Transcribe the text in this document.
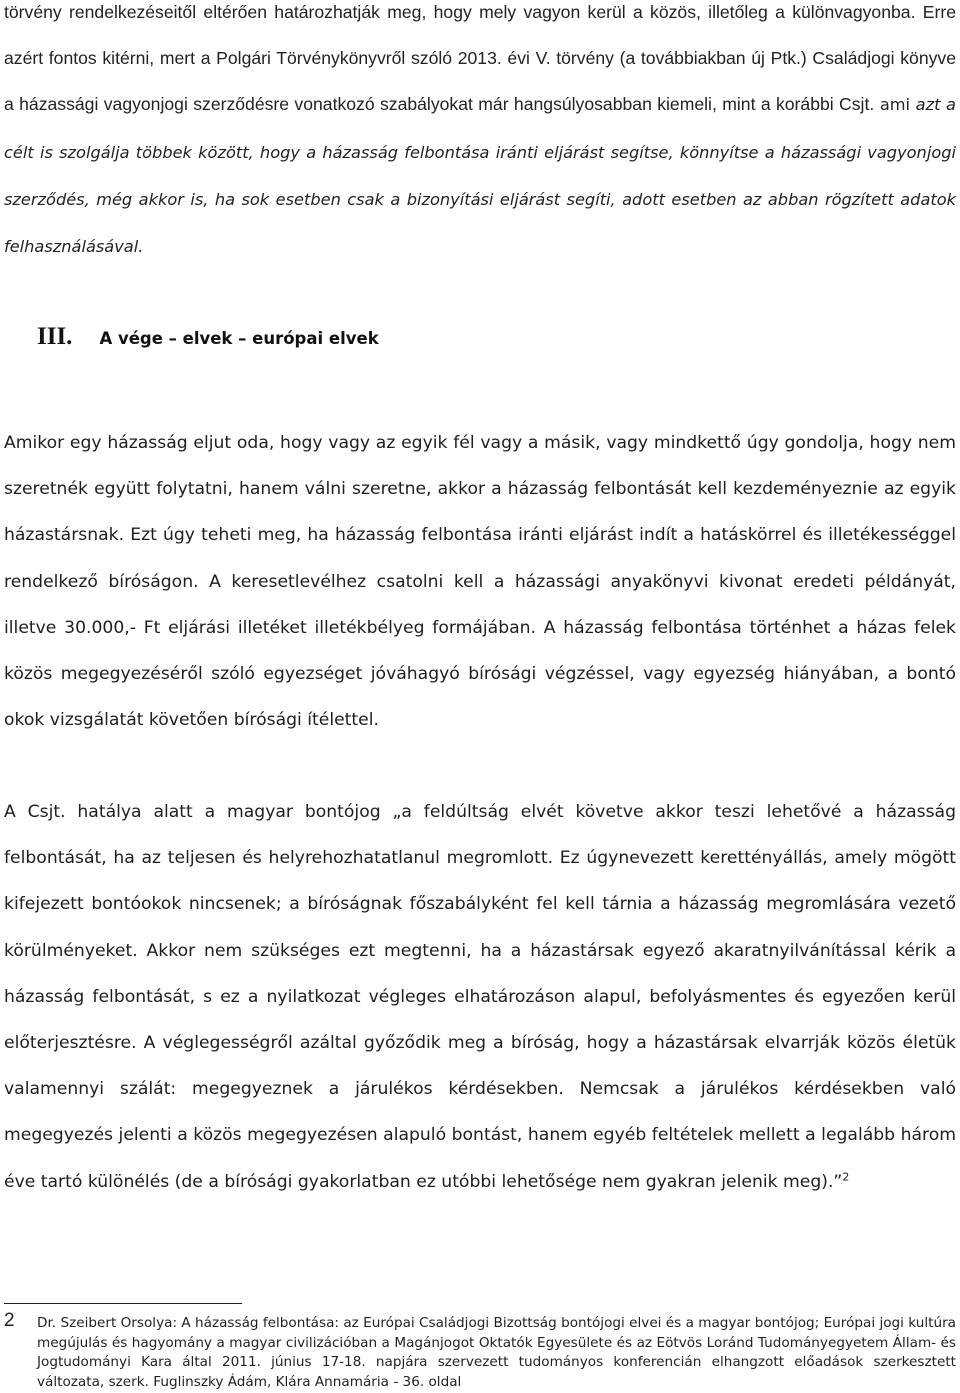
törvény rendelkezéseitől eltérően határozhatják meg, hogy mely vagyon kerül a közös, illetőleg a különvagyonba. Erre azért fontos kitérni, mert a Polgári Törvénykönyvről szóló 2013. évi V. törvény (a továbbiakban új Ptk.) Családjogi könyve a házassági vagyonjogi szerződésre vonatkozó szabályokat már hangsúlyosabban kiemeli, mint a korábbi Csjt. ami azt a célt is szolgálja többek között, hogy a házasság felbontása iránti eljárást segítse, könnyítse a házassági vagyonjogi szerződés, még akkor is, ha sok esetben csak a bizonyítási eljárást segíti, adott esetben az abban rögzített adatok felhasználásával.

III. A vége – elvek – európai elvek

Amikor egy házasság eljut oda, hogy vagy az egyik fél vagy a másik, vagy mindkettő úgy gondolja, hogy nem szeretnék együtt folytatni, hanem válni szeretne, akkor a házasság felbontását kell kezdeményeznie az egyik házastársnak. Ezt úgy teheti meg, ha házasság felbontása iránti eljárást indít a hatáskörrel és illetékességgel rendelkező bíróságon. A keresetlevélhez csatolni kell a házassági anyakönyvi kivonat eredeti példányát, illetve 30.000,- Ft eljárási illetéket illetékbélyeg formájában. A házasság felbontása történhet a házas felek közös megegyezéséről szóló egyezséget jóváhagyó bírósági végzéssel, vagy egyezség hiányában, a bontó okok vizsgálatát követően bírósági ítélettel.

A Csjt. hatálya alatt a magyar bontójog „a feldúltság elvét követve akkor teszi lehetővé a házasság felbontását, ha az teljesen és helyrehozhatatlanul megromlott. Ez úgynevezett kerettényállás, amely mögött kifejezett bontóokok nincsenek; a bíróságnak főszabályként fel kell tárnia a házasság megromlására vezető körülményeket. Akkor nem szükséges ezt megtenni, ha a házastársak egyező akaratnyilvánítással kérik a házasság felbontását, s ez a nyilatkozat végleges elhatározáson alapul, befolyásmentes és egyezően kerül előterjesztésre. A véglegességről azáltal győződik meg a bíróság, hogy a házastársak elvarrják közös életük valamennyi szálát: megegyeznek a járulékos kérdésekben. Nemcsak a járulékos kérdésekben való megegyezés jelenti a közös megegyezésen alapuló bontást, hanem egyéb feltételek mellett a legalább három éve tartó különélés (de a bírósági gyakorlatban ez utóbbi lehetősége nem gyakran jelenik meg).”$^2$

2 Dr. Szeibert Orsolya: A házasság felbontása: az Európai Családjogi Bizottság bontójogi elvei és a magyar bontójog; Európai jogi kultúra megújulás és hagyomány a magyar civilizációban a Magánjogot Oktatók Egyesülete és az Eötvös Loránd Tudományegyetem Állam- és Jogtudományi Kara által 2011. június 17-18. napjára szervezett tudományos konferencián elhangzott előadások szerkesztett változata, szerk. Fuglinszky Ádám, Klára Annamária - 36. oldal
